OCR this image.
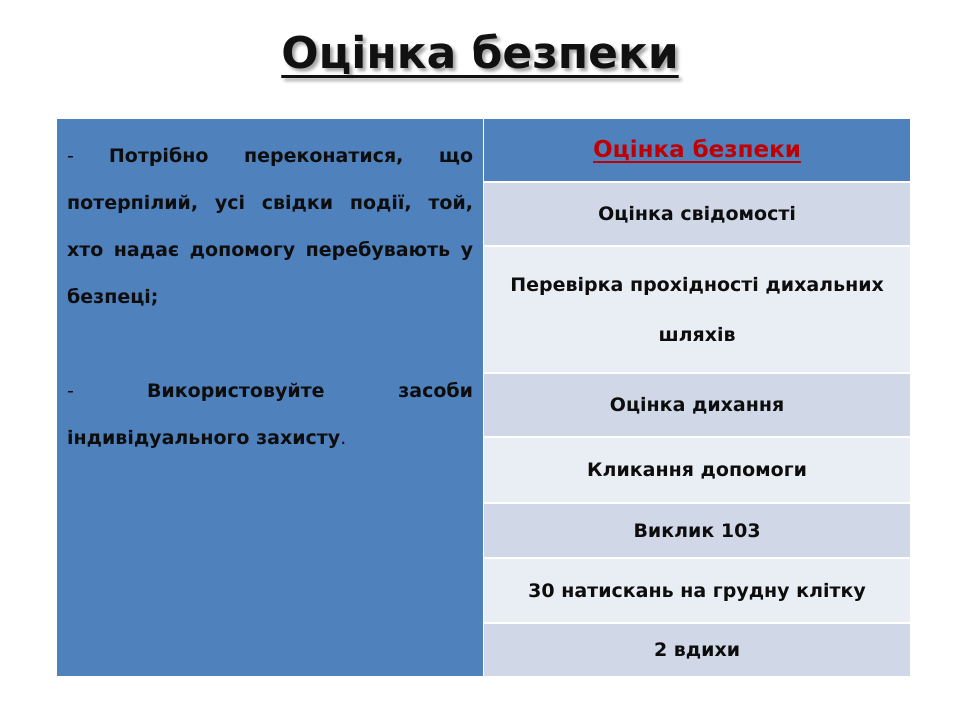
Оцінка безпеки

- Потрібно переконатися, що потерпілий, усі свідки події, той, хто надає допомогу перебувають у безпеці;

- Використовуйте засоби індивідуального захисту.

Оцінка безпеки
Оцінка свідомості
Перевірка прохідності дихальних шляхів
Оцінка дихання
Кликання допомоги
Виклик 103
30 натискань на грудну клітку
2 вдихи
